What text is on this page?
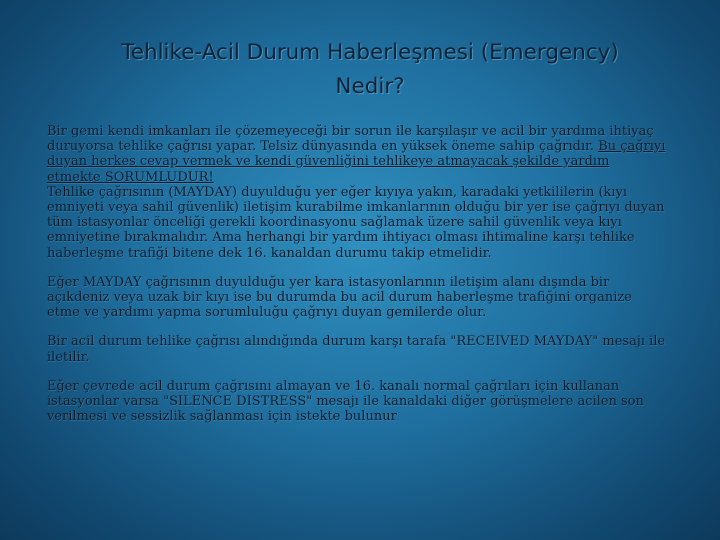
Tehlike-Acil Durum Haberleşmesi (Emergency)
Nedir?

Bir gemi kendi imkanları ile çözemeyeceği bir sorun ile karşılaşır ve acil bir yardıma ihtiyaç duruyorsa tehlike çağrısı yapar. Telsiz dünyasında en yüksek öneme sahip çağrıdır. Bu çağrıyı duyan herkes cevap vermek ve kendi güvenliğini tehlikeye atmayacak şekilde yardım etmekte SORUMLUDUR!
Tehlike çağrısının (MAYDAY) duyulduğu yer eğer kıyıya yakın, karadaki yetkililerin (kıyı emniyeti veya sahil güvenlik) iletişim kurabilme imkanlarının olduğu bir yer ise çağrıyı duyan tüm istasyonlar önceliği gerekli koordinasyonu sağlamak üzere sahil güvenlik veya kıyı emniyetine bırakmalıdır. Ama herhangi bir yardım ihtiyacı olması ihtimaline karşı tehlike haberleşme trafiği bitene dek 16. kanaldan durumu takip etmelidir.

Eğer MAYDAY çağrısının duyulduğu yer kara istasyonlarının iletişim alanı dışında bir açıkdeniz veya uzak bir kıyı ise bu durumda bu acil durum haberleşme trafiğini organize etme ve yardımı yapma sorumluluğu çağrıyı duyan gemilerde olur.

Bir acil durum tehlike çağrısı alındığında durum karşı tarafa "RECEIVED MAYDAY" mesajı ile iletilir.

Eğer çevrede acil durum çağrısını almayan ve 16. kanalı normal çağrıları için kullanan istasyonlar varsa "SILENCE DISTRESS" mesajı ile kanaldaki diğer görüşmelere acilen son verilmesi ve sessizlik sağlanması için istekte bulunur
